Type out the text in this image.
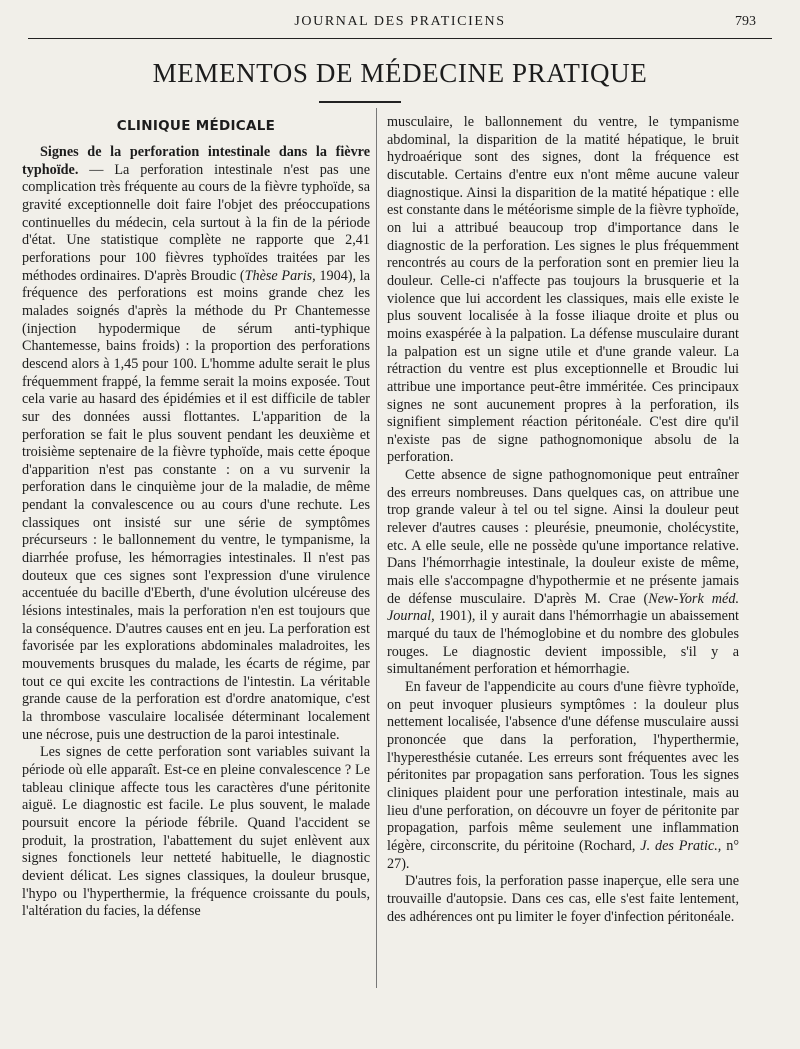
JOURNAL DES PRATICIENS	793
MEMENTOS DE MÉDECINE PRATIQUE
CLINIQUE MÉDICALE

Signes de la perforation intestinale dans la fièvre typhoïde. — La perforation intestinale n'est pas une complication très fréquente au cours de la fièvre typhoïde, sa gravité exceptionnelle doit faire l'objet des préoccupations continuelles du médecin, cela surtout à la fin de la période d'état. Une statistique complète ne rapporte que 2,41 perforations pour 100 fièvres typhoïdes traitées par les méthodes ordinaires. D'après Broudic (Thèse Paris, 1904), la fréquence des perforations est moins grande chez les malades soignés d'après la méthode du Pr Chantemesse (injection hypodermique de sérum anti-typhique Chantemesse, bains froids) : la proportion des perforations descend alors à 1,45 pour 100. L'homme adulte serait le plus fréquemment frappé, la femme serait la moins exposée. Tout cela varie au hasard des épidémies et il est difficile de tabler sur des données aussi flottantes. L'apparition de la perforation se fait le plus souvent pendant les deuxième et troisième septenaire de la fièvre typhoïde, mais cette époque d'apparition n'est pas constante : on a vu survenir la perforation dans le cinquième jour de la maladie, de même pendant la convalescence ou au cours d'une rechute. Les classiques ont insisté sur une série de symptômes précurseurs : le ballonnement du ventre, le tympanisme, la diarrhée profuse, les hémorragies intestinales. Il n'est pas douteux que ces signes sont l'expression d'une virulence accentuée du bacille d'Eberth, d'une évolution ulcéreuse des lésions intestinales, mais la perforation n'en est toujours que la conséquence. D'autres causes ent en jeu. La perforation est favorisée par les explorations abdominales maladroites, les mouvements brusques du malade, les écarts de régime, par tout ce qui excite les contractions de l'intestin. La véritable grande cause de la perforation est d'ordre anatomique, c'est la thrombose vasculaire localisée déterminant localement une nécrose, puis une destruction de la paroi intestinale.

Les signes de cette perforation sont variables suivant la période où elle apparaît. Est-ce en pleine convalescence ? Le tableau clinique affecte tous les caractères d'une péritonite aiguë. Le diagnostic est facile. Le plus souvent, le malade poursuit encore la période fébrile. Quand l'accident se produit, la prostration, l'abattement du sujet enlèvent aux signes fonctionels leur netteté habituelle, le diagnostic devient délicat. Les signes classiques, la douleur brusque, l'hypo ou l'hyperthermie, la fréquence croissante du pouls, l'altération du facies, la défense

musculaire, le ballonnement du ventre, le tympanisme abdominal, la disparition de la matité hépatique, le bruit hydroaérique sont des signes, dont la fréquence est discutable. Certains d'entre eux n'ont même aucune valeur diagnostique. Ainsi la disparition de la matité hépatique : elle est constante dans le météorisme simple de la fièvre typhoïde, on lui a attribué beaucoup trop d'importance dans le diagnostic de la perforation. Les signes le plus fréquemment rencontrés au cours de la perforation sont en premier lieu la douleur. Celle-ci n'affecte pas toujours la brusquerie et la violence que lui accordent les classiques, mais elle existe le plus souvent localisée à la fosse iliaque droite et plus ou moins exaspérée à la palpation. La défense musculaire durant la palpation est un signe utile et d'une grande valeur. La rétraction du ventre est plus exceptionnelle et Broudic lui attribue une importance peut-être imméritée. Ces principaux signes ne sont aucunement propres à la perforation, ils signifient simplement réaction péritonéale. C'est dire qu'il n'existe pas de signe pathognomonique absolu de la perforation.

Cette absence de signe pathognomonique peut entraîner des erreurs nombreuses. Dans quelques cas, on attribue une trop grande valeur à tel ou tel signe. Ainsi la douleur peut relever d'autres causes : pleurésie, pneumonie, cholécystite, etc. A elle seule, elle ne possède qu'une importance relative. Dans l'hémorrhagie intestinale, la douleur existe de même, mais elle s'accompagne d'hypothermie et ne présente jamais de défense musculaire. D'après M. Crae (New-York méd. Journal, 1901), il y aurait dans l'hémorrhagie un abaissement marqué du taux de l'hémoglobine et du nombre des globules rouges. Le diagnostic devient impossible, s'il y a simultanément perforation et hémorrhagie.

En faveur de l'appendicite au cours d'une fièvre typhoïde, on peut invoquer plusieurs symptômes : la douleur plus nettement localisée, l'absence d'une défense musculaire aussi prononcée que dans la perforation, l'hyperthermie, l'hyperesthésie cutanée. Les erreurs sont fréquentes avec les péritonites par propagation sans perforation. Tous les signes cliniques plaident pour une perforation intestinale, mais au lieu d'une perforation, on découvre un foyer de péritonite par propagation, parfois même seulement une inflammation légère, circonscrite, du péritoine (Rochard, J. des Pratic., n° 27).

D'autres fois, la perforation passe inaperçue, elle sera une trouvaille d'autopsie. Dans ces cas, elle s'est faite lentement, des adhérences ont pu limiter le foyer d'infection péritonéale.
